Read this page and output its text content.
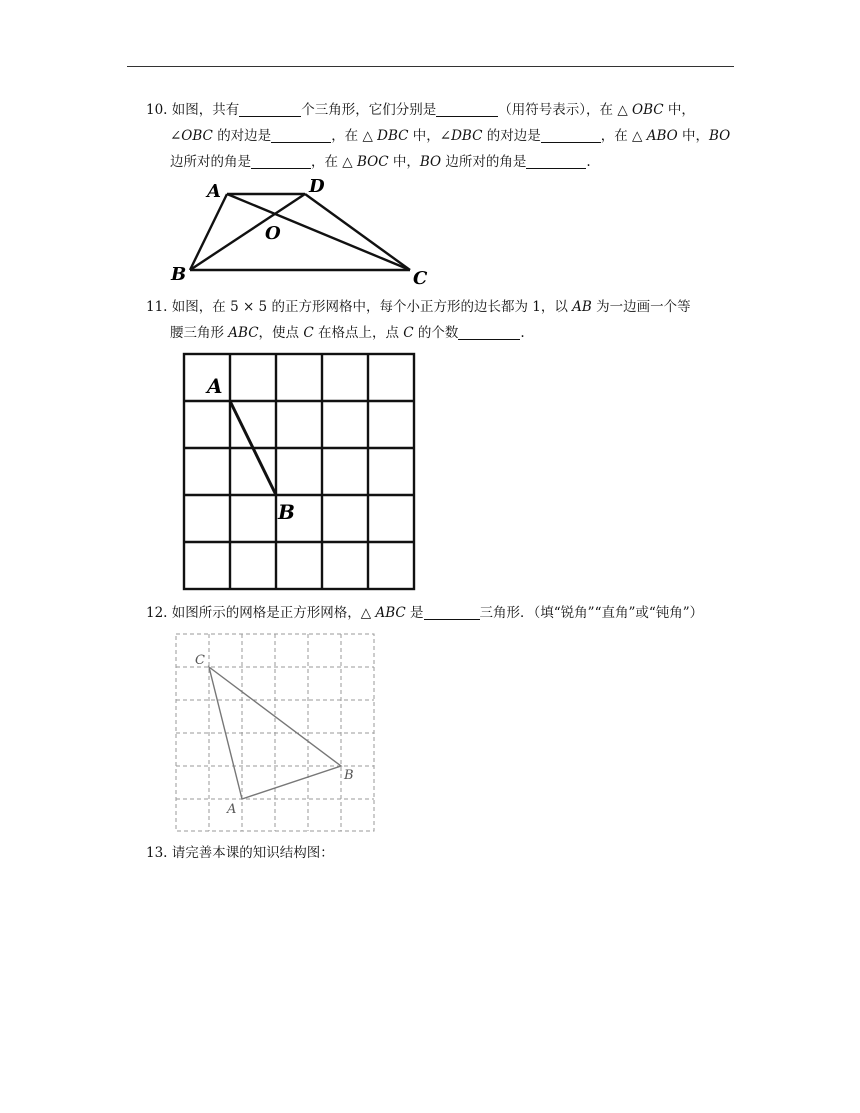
10. 如图，共有	个三角形，它们分别是	（用符号表示），在 △ OBC 中，
∠OBC 的对边是	，在 △ DBC 中，∠DBC 的对边是	，在 △ ABO 中，BO
边所对的角是	，在 △ BOC 中，BO 边所对的角是	.
A	D
O
B	C
11. 如图，在 5 × 5 的正方形网格中，每个小正方形的边长都为 1，以 AB 为一边画一个等
腰三角形 ABC，使点 C 在格点上，点 C 的个数	.
A
B
12. 如图所示的网格是正方形网格，△ ABC 是	三角形．（填“锐角”“直角”或“钝角”）
C
B
A
13. 请完善本课的知识结构图：
